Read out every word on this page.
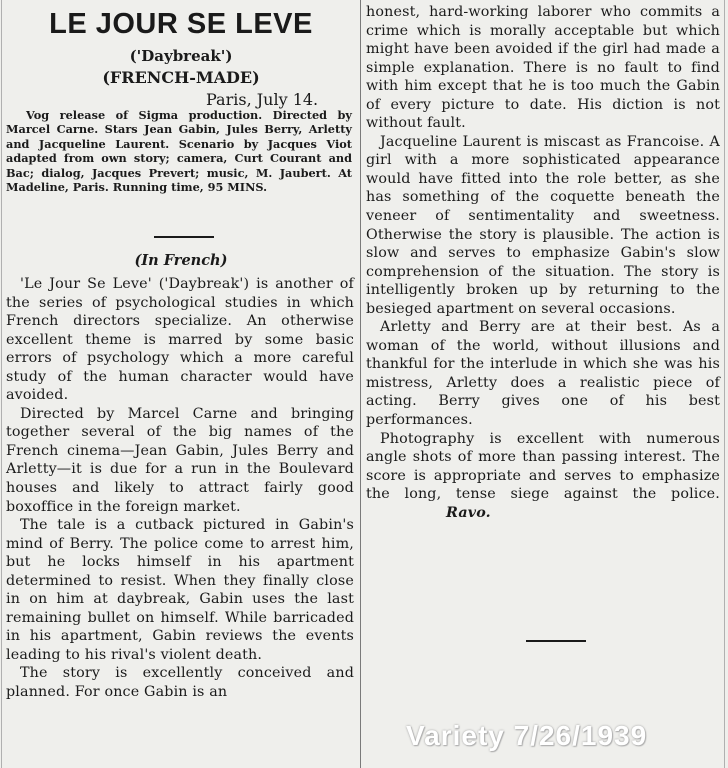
LE JOUR SE LEVE
('Daybreak')
(FRENCH-MADE)
Paris, July 14.
Vog release of Sigma production. Directed by Marcel Carne. Stars Jean Gabin, Jules Berry, Arletty and Jacqueline Laurent. Scenario by Jacques Viot adapted from own story; camera, Curt Courant and Bac; dialog, Jacques Prevert; music, M. Jaubert. At Madeline, Paris. Running time, 95 MINS.
(In French)

'Le Jour Se Leve' ('Daybreak') is another of the series of psychological studies in which French directors specialize. An otherwise excellent theme is marred by some basic errors of psychology which a more careful study of the human character would have avoided.

Directed by Marcel Carne and bringing together several of the big names of the French cinema—Jean Gabin, Jules Berry and Arletty—it is due for a run in the Boulevard houses and likely to attract fairly good boxoffice in the foreign market.

The tale is a cutback pictured in Gabin's mind of Berry. The police come to arrest him, but he locks himself in his apartment determined to resist. When they finally close in on him at daybreak, Gabin uses the last remaining bullet on himself. While barricaded in his apartment, Gabin reviews the events leading to his rival's violent death.

The story is excellently conceived and planned. For once Gabin is an

honest, hard-working laborer who commits a crime which is morally acceptable but which might have been avoided if the girl had made a simple explanation. There is no fault to find with him except that he is too much the Gabin of every picture to date. His diction is not without fault.

Jacqueline Laurent is miscast as Francoise. A girl with a more sophisticated appearance would have fitted into the role better, as she has something of the coquette beneath the veneer of sentimentality and sweetness. Otherwise the story is plausible. The action is slow and serves to emphasize Gabin's slow comprehension of the situation. The story is intelligently broken up by returning to the besieged apartment on several occasions.

Arletty and Berry are at their best. As a woman of the world, without illusions and thankful for the interlude in which she was his mistress, Arletty does a realistic piece of acting. Berry gives one of his best performances.

Photography is excellent with numerous angle shots of more than passing interest. The score is appropriate and serves to emphasize the long, tense siege against the police. Ravo.

Variety 7/26/1939
